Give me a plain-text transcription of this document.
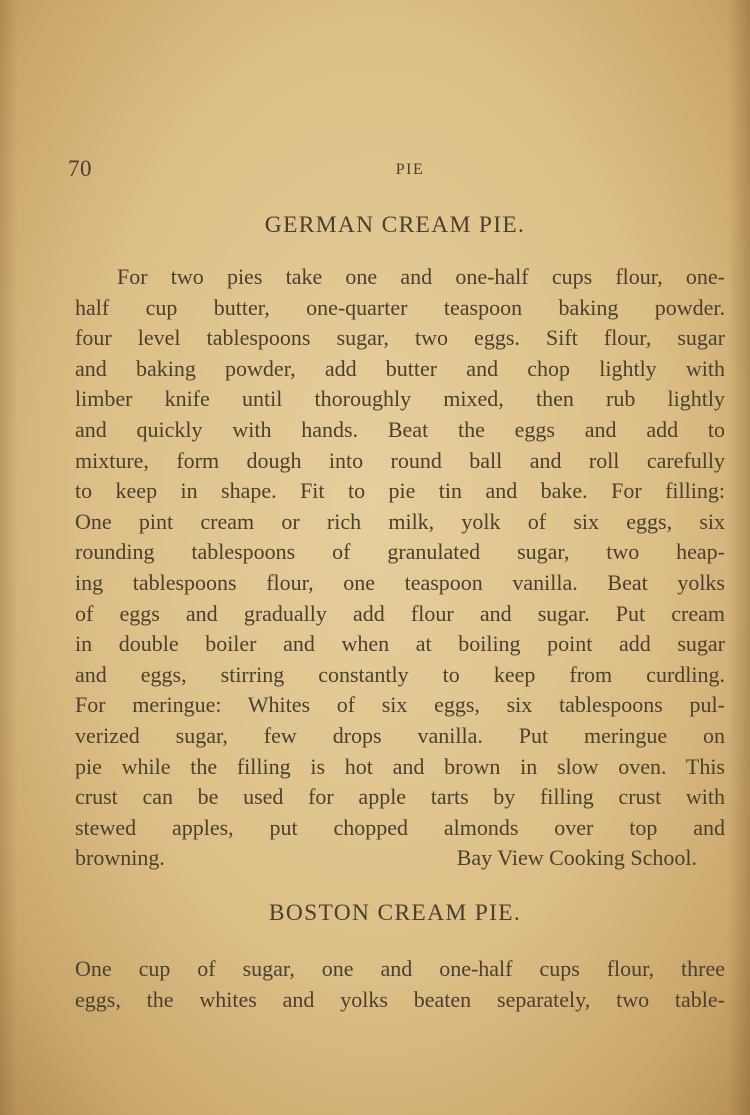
70	PIE
GERMAN CREAM PIE.
For two pies take one and one-half cups flour, one-
half cup butter, one-quarter teaspoon baking powder.
four level tablespoons sugar, two eggs. Sift flour, sugar
and baking powder, add butter and chop lightly with
limber knife until thoroughly mixed, then rub lightly
and quickly with hands. Beat the eggs and add to
mixture, form dough into round ball and roll carefully
to keep in shape. Fit to pie tin and bake. For filling:
One pint cream or rich milk, yolk of six eggs, six
rounding tablespoons of granulated sugar, two heap-
ing tablespoons flour, one teaspoon vanilla. Beat yolks
of eggs and gradually add flour and sugar. Put cream
in double boiler and when at boiling point add sugar
and eggs, stirring constantly to keep from curdling.
For meringue: Whites of six eggs, six tablespoons pul-
verized sugar, few drops vanilla. Put meringue on
pie while the filling is hot and brown in slow oven. This
crust can be used for apple tarts by filling crust with
stewed apples, put chopped almonds over top and
browning.	Bay View Cooking School.
BOSTON CREAM PIE.
One cup of sugar, one and one-half cups flour, three
eggs, the whites and yolks beaten separately, two table-
